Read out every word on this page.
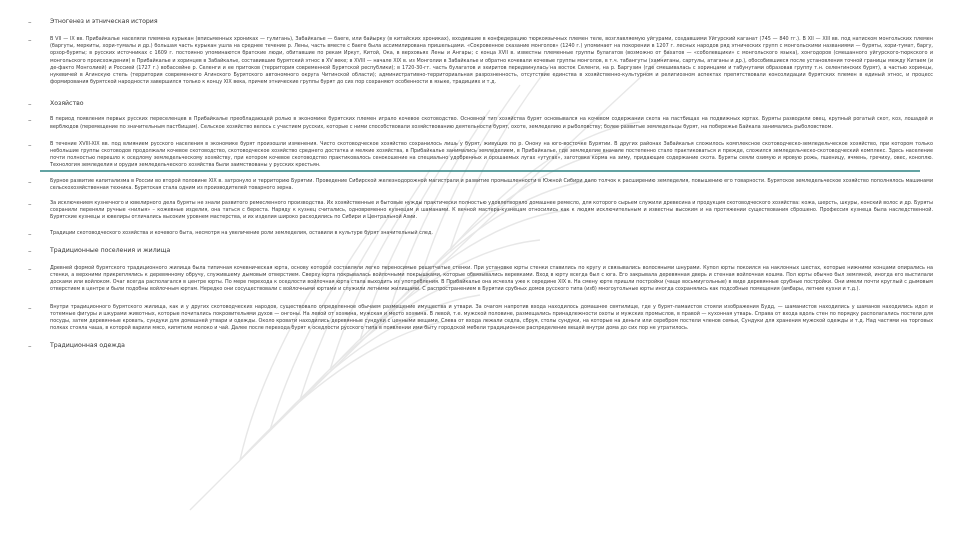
–	Этногенез и этническая история
–	В VII — IX вв. Прибайкалье населяли племена курыкан (вписьменных хрониках — гулигань), Забайкалье — баеге, или байырку (в китайских хрониках), входившие в конфедерацию тюркоязычных племен теле, возглавляемую уйгурами, создавшими Уйгурский каганат (745 — 840 гг.). В XII — XIII вв. под натиском монгольских племен (баргуты, меркиты, хори-тумалы и др.) большая часть курыкан ушла на среднее течение р. Лены, часть вместе с баеге была ассимилирована пришельцами. «Сокровенное сказание монголов» (1240 г.) упоминает на покорении в 1207 г. лесных народов ряд этнических групп с монгольскими названиями — буряты, хори-тумат, баргу, орзор-буряты; в русских источниках с 1609 г. постоянно упоминаются братские люди, обитавшие по рекам Иркут, Китой, Ока, в верховьях Лены и Ангары; с конца XVII в. известны племенные группы булагатов (возможно от бахатов — «соболевщики» с монгольского языка), хонгодоров (смешанного уйгурского-тюркского и монгольского происхождения) в Прибайкалье и хоринцев в Забайкалье, составившие бурятский этнос в XV веке; в XVIII — начале XIX в. из Монголии в Забайкалье и обратно кочевали кочевые группы монголов, в т.ч. табангуты (хамниганы, сартулы, атаганы и др.), обособившиеся после установления точной границы между Китаем (и де-факто Монголией) и Россией (1727 г.) вобассейне р. Селенги и ее притоков (территория современной Бурятской республики); в 1720-30-гг. часть булагатов и эхиритов передвинулась на восток Селенги, на р. Баргузин (где смешивалась с хоринцами и табунутами образовав группу т.н. селенгинских бурят), а частью хоринцы, нукевичей в Агинскую степь (территория современного Агинского Бурятского автономного округа Читинской области); административно-территориальная разрозненность, отсутствие единства в хозяйственно-культурном и религиозном аспектах препятствовали консолидации бурятских племен в единый этнос, и процесс формирования бурятской народности завершился только к концу XIX века, причем этнические группы бурят до сих пор сохраняют особенности в языке, традициях и т.д.
–	Хозяйство
–	В период появления первых русских переселенцев в Прибайкалье преобладающей ролью в экономике бурятских племен играло кочевое скотоводство. Основной тип хозяйства бурят основывался на кочевом содержании скота на пастбищах на подвижных юртах. Буряты разводили овец, крупный рогатый скот, коз, лошадей и верблюдов (перемещение по значительным пастбищам). Сельское хозяйство велось с участием русских, которые с ними способствовали хозяйствованию деятельности бурят, охоте, земледелию и рыболовству; более развитые земледельцы бурят, на побережье Байкала занимались рыболовством.
–	В течение XVIII-XIX вв. под влиянием русского населения в экономике бурят произошли изменения. Чисто скотоводческое хозяйство сохранилось лишь у бурят, живущих по р. Онону на юго-восточке Бурятии. В других районах Забайкалья сложилось комплексное скотоводческо-земледельческое хозяйство, при котором только небольшие группы скотоводов продолжали кочевое скотоводство, скотоводческое хозяйство среднего достатка и мелкие хозяйства, в Прибайкалье занимались земледелием, в Прибайкалье, где земледелие вначале постепенно стало практиковаться и прежде, сложился земледельческо-скотоводческий комплекс. Здесь население почти полностью перешло к оседлому земледельческому хозяйству, при котором кочевое скотоводство практиковалось сенокошение на специально удобренных и орошаемых лугах «утугах», заготовка корма на зиму, придающие содержание скота. Буряты сеяли озимую и яровую рожь, пшеницу, ячмень, гречиху, овес, коноплю. Технология земледелия и орудия земледельческого хозяйства были заимствованы у русских крестьян.
–	Бурное развитие капитализма в России во второй половине XIX в. затронуло и территорию Бурятии. Проведение Сибирской железнодорожной магистрали и развитие промышленности в Южной Сибири дало толчок к расширению земледелия, повышению его товарности. Бурятское земледельческое хозяйство пополнялось машинами сельскохозяйственная техника. Бурятская стала одним из производителей товарного зерна.
–	За исключением кузнечного и ювелирного дела буряты не знали развитого ремесленного производства. Их хозяйственные и бытовые нужды практически полностью удовлетворяло домашнее ремесло, для которого сырьем служили древесина и продукция скотоводческого хозяйства: кожа, шерсть, шкуры, конский волос и др. Буряты сохранили переняли ручные «нилыя» – кожевные изделия, она таться с береста. Наряду к кузнец считались, одновременно кузнецам и шаманами. К вечной мастера-кузнецам относились как к людям исключительным и известны высоким и на протяжении существования сброшено. Профессия кузнеца была наследственной. Бурятские кузнецы и ювелиры отличались высоким уровнем мастерства, и их изделия широко расходились по Сибири и Центральной Азии.
–	Традиции скотоводческого хозяйства и кочевого быта, несмотря на увеличение роли земледелия, оставили в культуре бурят значительный след.
–	Традиционные поселения и жилища
–	Древней формой бурятского традиционного жилища была типичная кочевническая юрта, основу которой составляли легко переносимые решетчатые стенки. При установке юрты стенки ставились по кругу и связывались волосяными шнурами. Купол юрты покоился на наклонных шестах, которые нижними концами опирались на стенки, а верхними прикреплялись к деревянному обручу, служившему дымовым отверстием. Сверху юрта покрывалась войлочными покрышками, которые обвязывались веревками. Вход в юрту всегда был с юга. Его закрывала деревянная дверь и стенная войлочная кошма. Пол юрты обычно был земляной, иногда его выстилали досками или войлоком. Очаг всегда располагался в центре юрты. По мере перехода к оседлости войлочная юрта стала выходить из употребления. В Прибайкалье она исчезла уже к середине XIX в. На смену юрте пришли постройки (чаще восьмиугольные) в виде деревянные срубные постройки. Они имели почти круглый с дымовым отверстием в центре и были подобны войлочным юртам. Нередко они сосуществовали с войлочными юртами и служили летними жилищами. С распространением в Бурятии срубных домов русского типа (изб) многоугольные юрты иногда сохранялись как подсобные помещения (амбары, летние кухни и т.д.).
–	Внутри традиционного бурятского жилища, как и у других скотоводческих народов, существовало определенное обычаем размещение имущества и утвари. За очагом напротив входа находилось домашнее святилище, где у бурят-ламаистов стояли изображения Будд, — шаманистов находились у шаманов находились идол и тотемные фигуры и шкурами животных, которые почитались покровительями духов — онгоны. На левой от хозяина, мужская и место хозяина. В левой, т.е. мужской половине, размещались принадлежности охоты и мужских промыслов, в правой — кухонная утварь. Справа от входа вдоль стен по порядку располагались постели для посуды, затем деревянные кровать, сундуки для домашней утвари и одежды. Около кровати находились деревянные сундуки с ценными вещами. Слева от входа лежали седла, сбруя, столы сундуки, на которые на деньги или серебром постели членов семьи, Сундуки для хранения мужской одежды и т.д. Над частями на торговых полках стояла чаша, в которой варили мясо, кипятили молоко и чай. Далее после перехода бурят к оседлости русского типа в появлении ими быту городской мебели традиционное распределение вещей внутри дома до сих пор не утратилось.
–	Традиционная одежда
